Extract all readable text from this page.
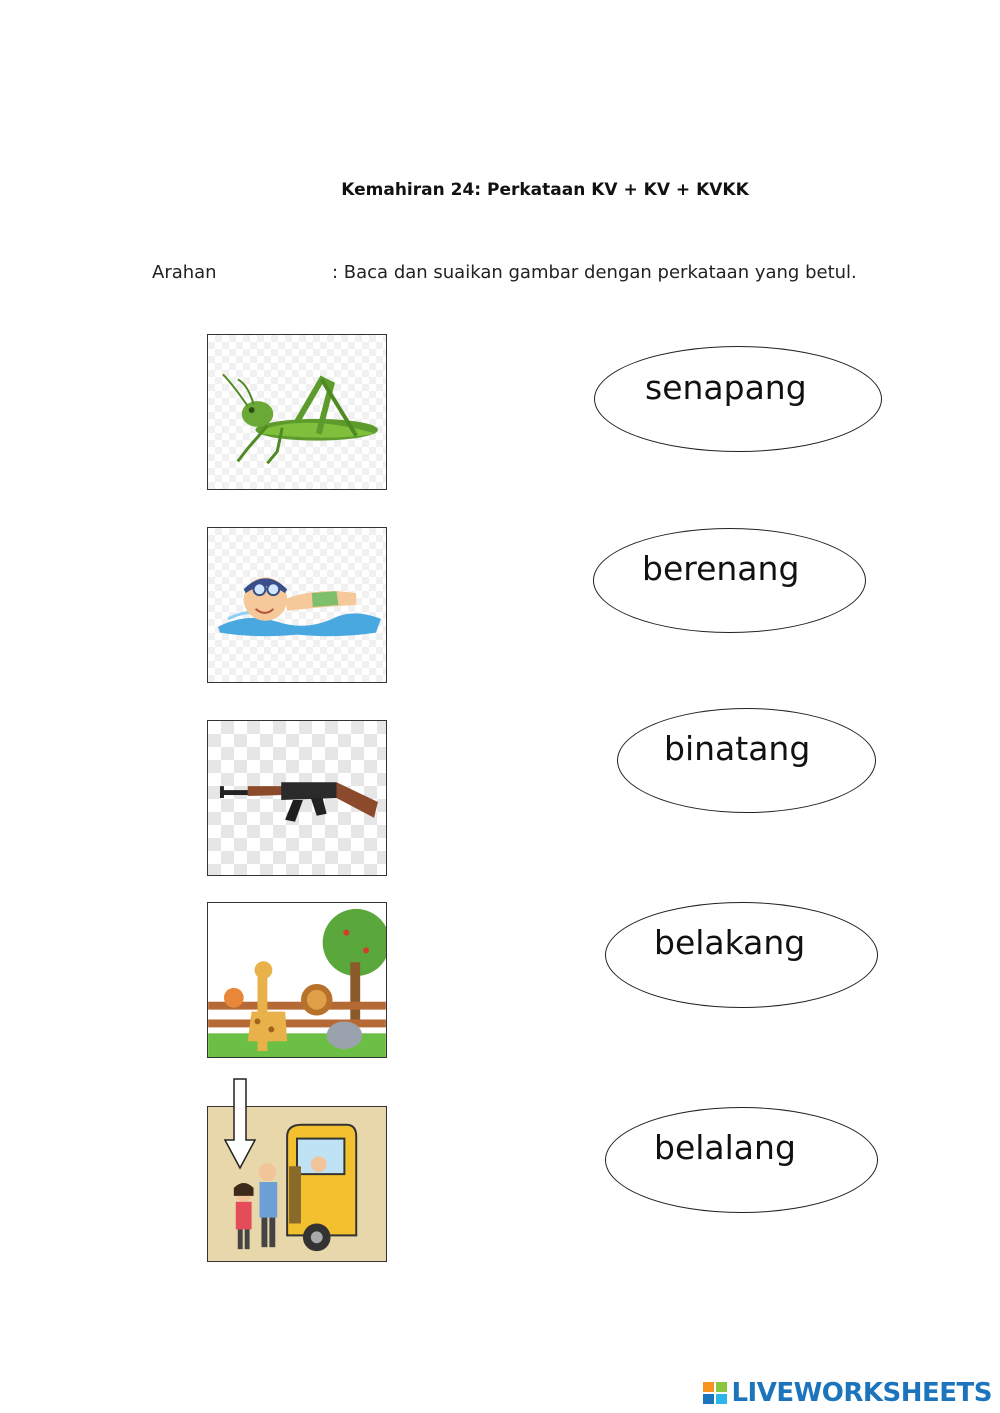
Kemahiran 24: Perkataan KV + KV + KVKK
Arahan	: Baca dan suaikan gambar dengan perkataan yang betul.
senapang
berenang
binatang
belakang
belalang
LIVEWORKSHEETS
